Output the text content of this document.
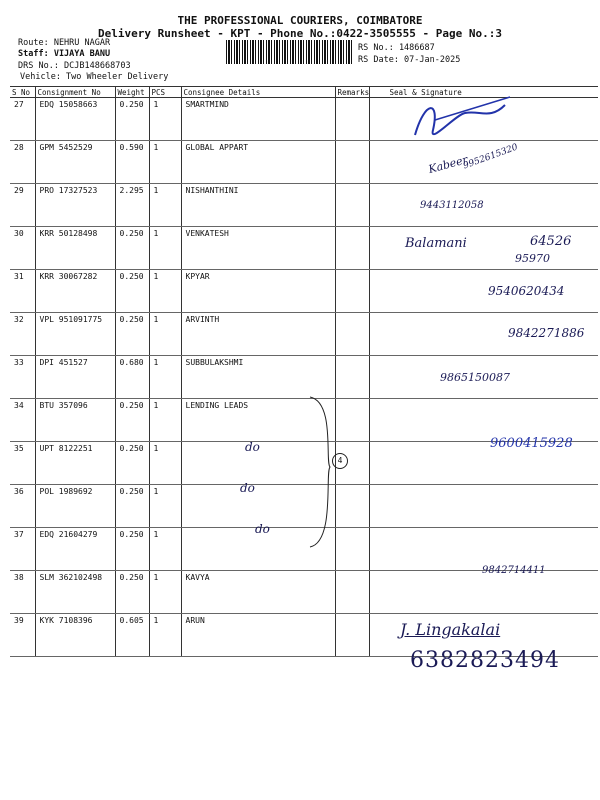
THE PROFESSIONAL COURIERS, COIMBATORE
Delivery Runsheet - KPT - Phone No.:0422-3505555 - Page No.:3
Route: NEHRU NAGAR
Staff: VIJAYA BANU
DRS No.: DCJB148668703
Vehicle: Two Wheeler Delivery
RS No.: 1486687
RS Date: 07-Jan-2025
S No	Consignment No	Weight	PCS	Consignee Details	Remarks	Seal & Signature
27	EDQ 15058663	0.250	1	SMARTMIND		
28	GPM 5452529	0.590	1	GLOBAL APPART		
29	PRO 17327523	2.295	1	NISHANTHINI		
30	KRR 50128498	0.250	1	VENKATESH		
31	KRR 30067282	0.250	1	KPYAR		
32	VPL 951091775	0.250	1	ARVINTH		
33	DPI 451527	0.680	1	SUBBULAKSHMI		
34	BTU 357096	0.250	1	LENDING LEADS		
35	UPT 8122251	0.250	1			
36	POL 1989692	0.250	1			
37	EDQ 21604279	0.250	1			
38	SLM 362102498	0.250	1	KAVYA		
39	KYK 7108396	0.605	1	ARUN		
Kabeer
9952615320
9443112058
Balamani	64526
95970
9540620434
9842271886
9865150087
9600415928
do
do
do
4
9842714411
J. Lingakalai
6382823494
